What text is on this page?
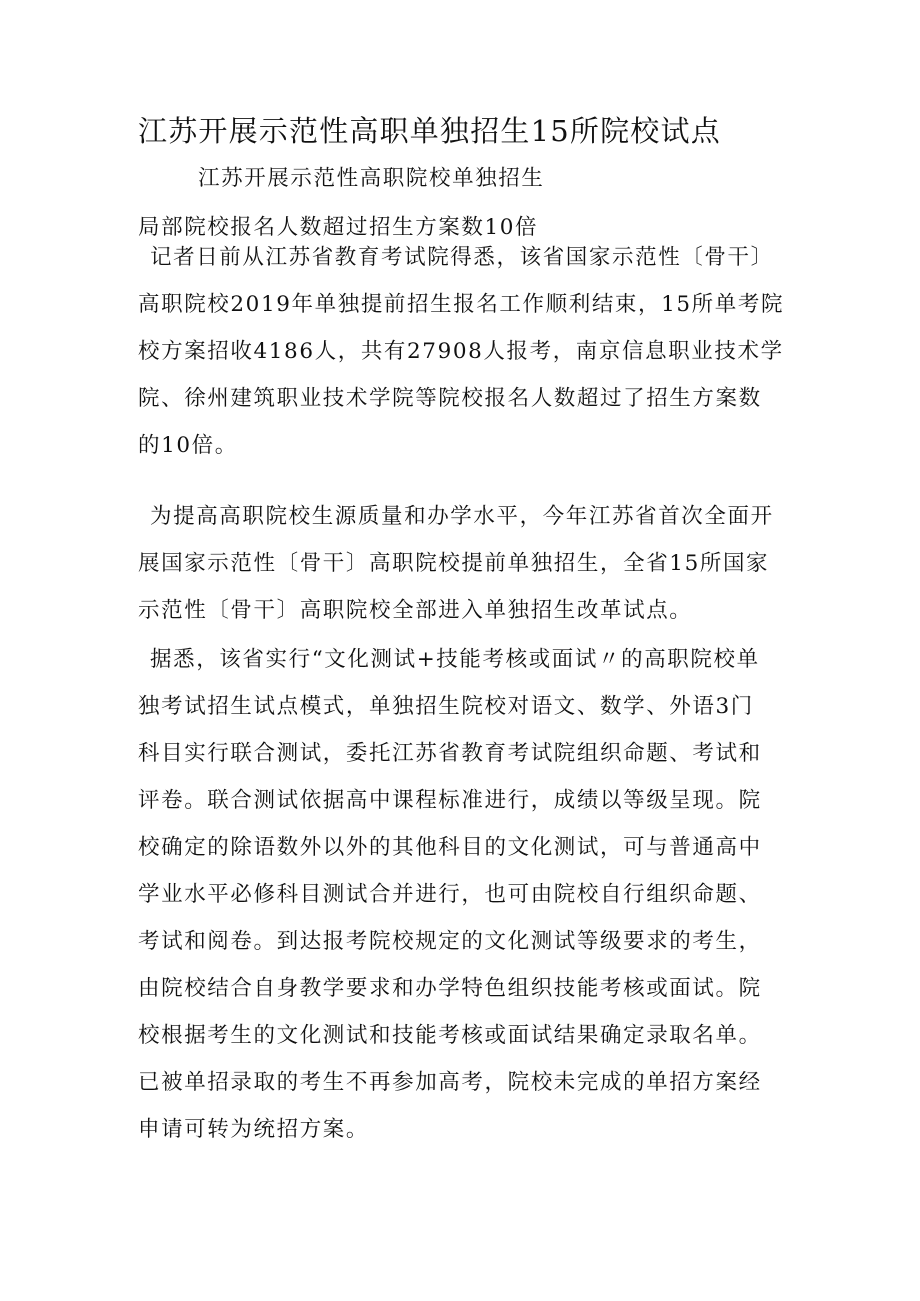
江苏开展示范性高职单独招生15所院校试点
江苏开展示范性高职院校单独招生

局部院校报名人数超过招生方案数10倍

记者日前从江苏省教育考试院得悉，该省国家示范性〔骨干〕
高职院校2019年单独提前招生报名工作顺利结束，15所单考院
校方案招收4186人，共有27908人报考，南京信息职业技术学
院、徐州建筑职业技术学院等院校报名人数超过了招生方案数
的10倍。
为提高高职院校生源质量和办学水平，今年江苏省首次全面开
展国家示范性〔骨干〕高职院校提前单独招生，全省15所国家
示范性〔骨干〕高职院校全部进入单独招生改革试点。
据悉，该省实行“文化测试+技能考核或面试〃的高职院校单
独考试招生试点模式，单独招生院校对语文、数学、外语3门
科目实行联合测试，委托江苏省教育考试院组织命题、考试和
评卷。联合测试依据高中课程标准进行，成绩以等级呈现。院
校确定的除语数外以外的其他科目的文化测试，可与普通高中
学业水平必修科目测试合并进行，也可由院校自行组织命题、
考试和阅卷。到达报考院校规定的文化测试等级要求的考生，
由院校结合自身教学要求和办学特色组织技能考核或面试。院
校根据考生的文化测试和技能考核或面试结果确定录取名单。
已被单招录取的考生不再参加高考，院校未完成的单招方案经
申请可转为统招方案。
